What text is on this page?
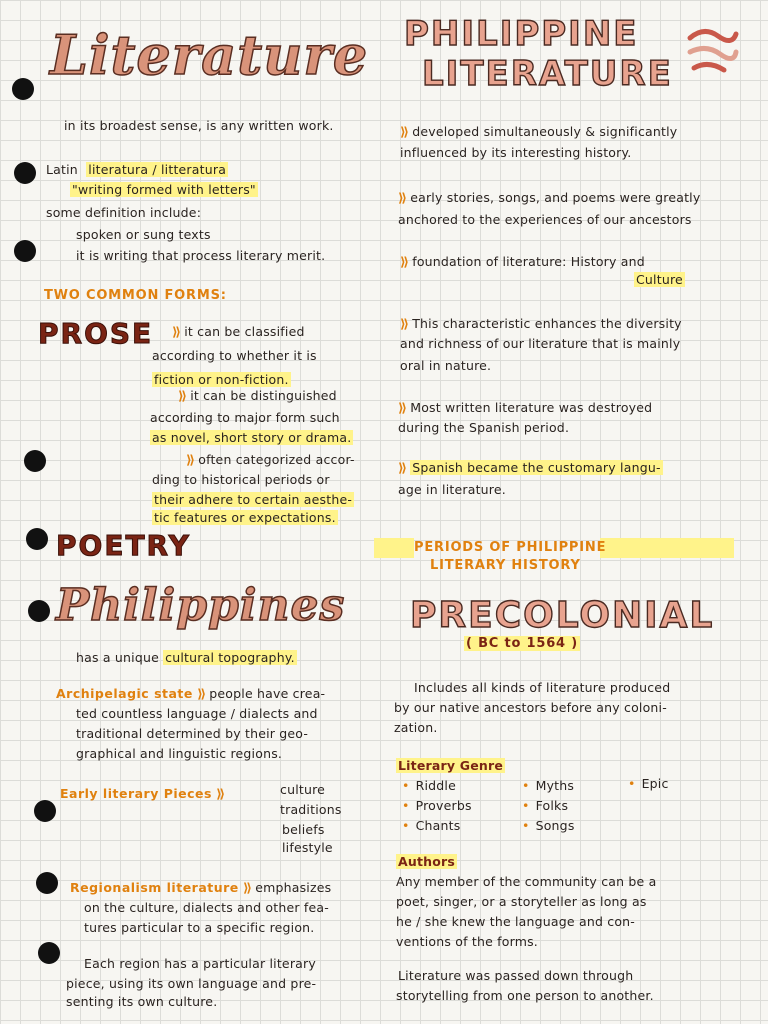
Literature
in its broadest sense, is any written work.
Latin literatura / litteratura
"writing formed with letters"
some definition include:
spoken or sung texts
it is writing that process literary merit.
TWO COMMON FORMS:
PROSE ⟫ it can be classified
according to whether it is
fiction or non-fiction.
⟫ it can be distinguished
according to major form such
as novel, short story or drama.
⟫ often categorized accor-
ding to historical periods or
their adhere to certain aesthe-
tic features or expectations.
POETRY
Philippines
has a unique cultural topography.
Archipelagic state ⟫ people have crea-
ted countless language / dialects and
traditional determined by their geo-
graphical and linguistic regions.
Early literary Pieces ⟫	culture
traditions
beliefs
lifestyle
Regionalism literature ⟫ emphasizes
on the culture, dialects and other fea-
tures particular to a specific region.
Each region has a particular literary
piece, using its own language and pre-
senting its own culture.
PHILIPPINE
LITERATURE
⟫ developed simultaneously & significantly
influenced by its interesting history.
⟫ early stories, songs, and poems were greatly
anchored to the experiences of our ancestors
⟫ foundation of literature: History and
Culture
⟫ This characteristic enhances the diversity
and richness of our literature that is mainly
oral in nature.
⟫ Most written literature was destroyed
during the Spanish period.
⟫ Spanish became the customary langu-
age in literature.
PERIODS OF PHILIPPINE
LITERARY HISTORY
PRECOLONIAL
( BC to 1564 )
Includes all kinds of literature produced
by our native ancestors before any coloni-
zation.
Literary Genre
• Riddle
• Proverbs
• Chants
• Myths
• Folks
• Songs
• Epic
Authors
Any member of the community can be a
poet, singer, or a storyteller as long as
he / she knew the language and con-
ventions of the forms.
Literature was passed down through
storytelling from one person to another.
